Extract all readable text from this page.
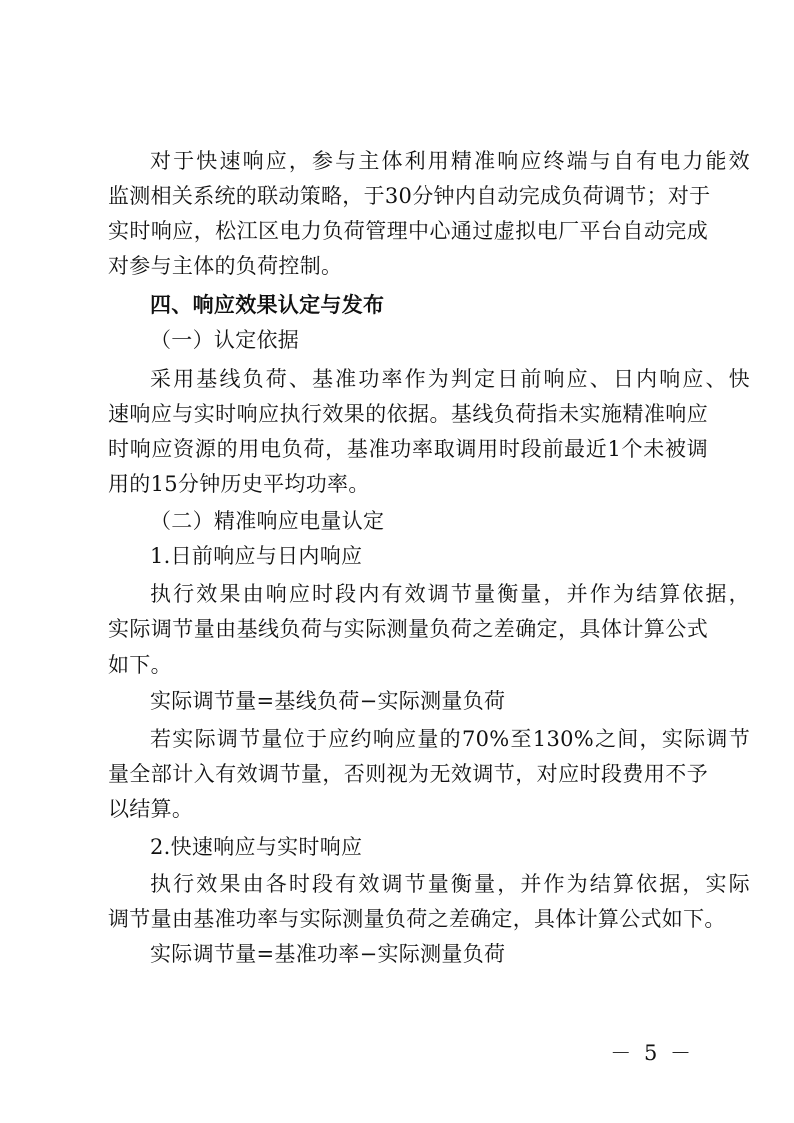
对于快速响应，参与主体利用精准响应终端与自有电力能效
监测相关系统的联动策略，于30分钟内自动完成负荷调节；对于
实时响应，松江区电力负荷管理中心通过虚拟电厂平台自动完成
对参与主体的负荷控制。
四、响应效果认定与发布
（一）认定依据
采用基线负荷、基准功率作为判定日前响应、日内响应、快
速响应与实时响应执行效果的依据。基线负荷指未实施精准响应
时响应资源的用电负荷，基准功率取调用时段前最近1个未被调
用的15分钟历史平均功率。
（二）精准响应电量认定
1.日前响应与日内响应
执行效果由响应时段内有效调节量衡量，并作为结算依据，
实际调节量由基线负荷与实际测量负荷之差确定，具体计算公式
如下。
实际调节量=基线负荷−实际测量负荷
若实际调节量位于应约响应量的70%至130%之间，实际调节
量全部计入有效调节量，否则视为无效调节，对应时段费用不予
以结算。
2.快速响应与实时响应
执行效果由各时段有效调节量衡量，并作为结算依据，实际
调节量由基准功率与实际测量负荷之差确定，具体计算公式如下。
实际调节量=基准功率−实际测量负荷
－ 5 －
